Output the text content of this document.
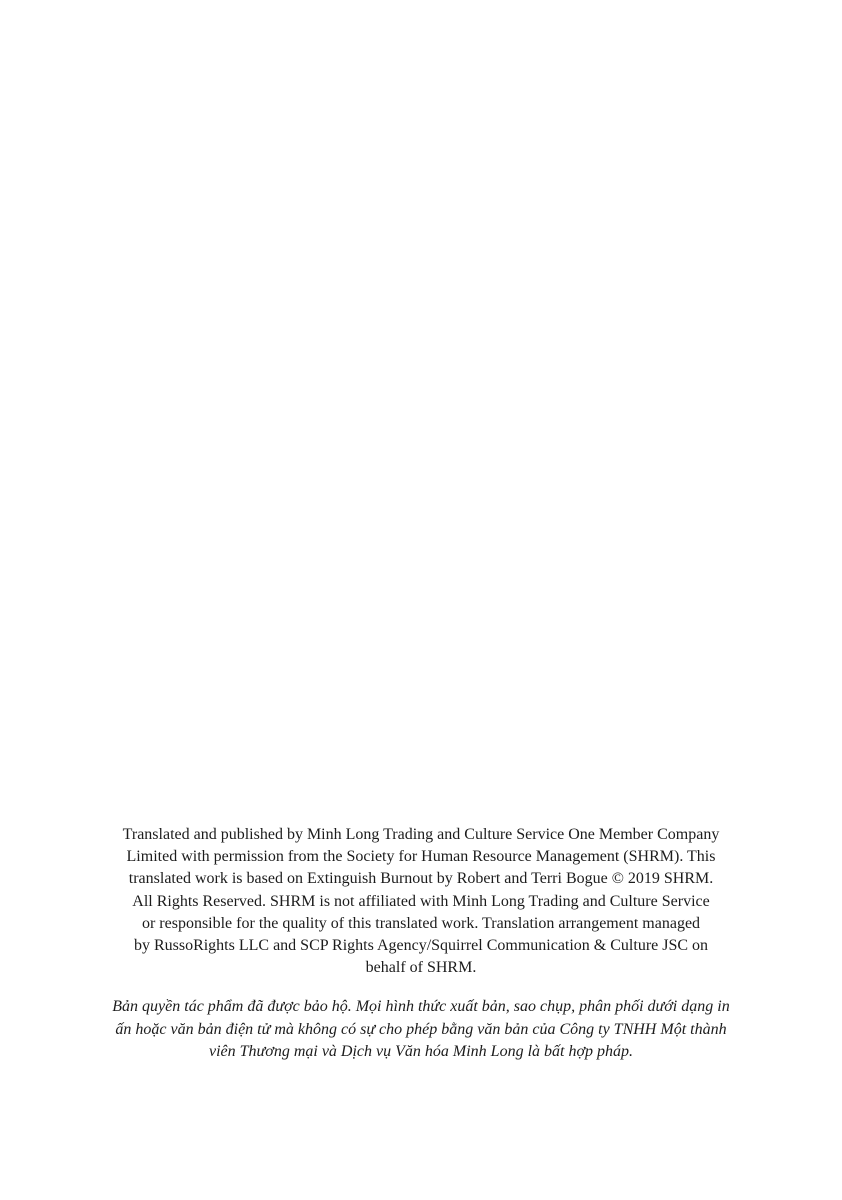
Translated and published by Minh Long Trading and Culture Service One Member Company
Limited with permission from the Society for Human Resource Management (SHRM). This
translated work is based on Extinguish Burnout by Robert and Terri Bogue © 2019 SHRM.
All Rights Reserved. SHRM is not affiliated with Minh Long Trading and Culture Service
or responsible for the quality of this translated work. Translation arrangement managed
by RussoRights LLC and SCP Rights Agency/Squirrel Communication & Culture JSC on
behalf of SHRM.

Bản quyền tác phẩm đã được bảo hộ. Mọi hình thức xuất bản, sao chụp, phân phối dưới dạng in
ấn hoặc văn bản điện tử mà không có sự cho phép bằng văn bản của Công ty TNHH Một thành
viên Thương mại và Dịch vụ Văn hóa Minh Long là bất hợp pháp.
